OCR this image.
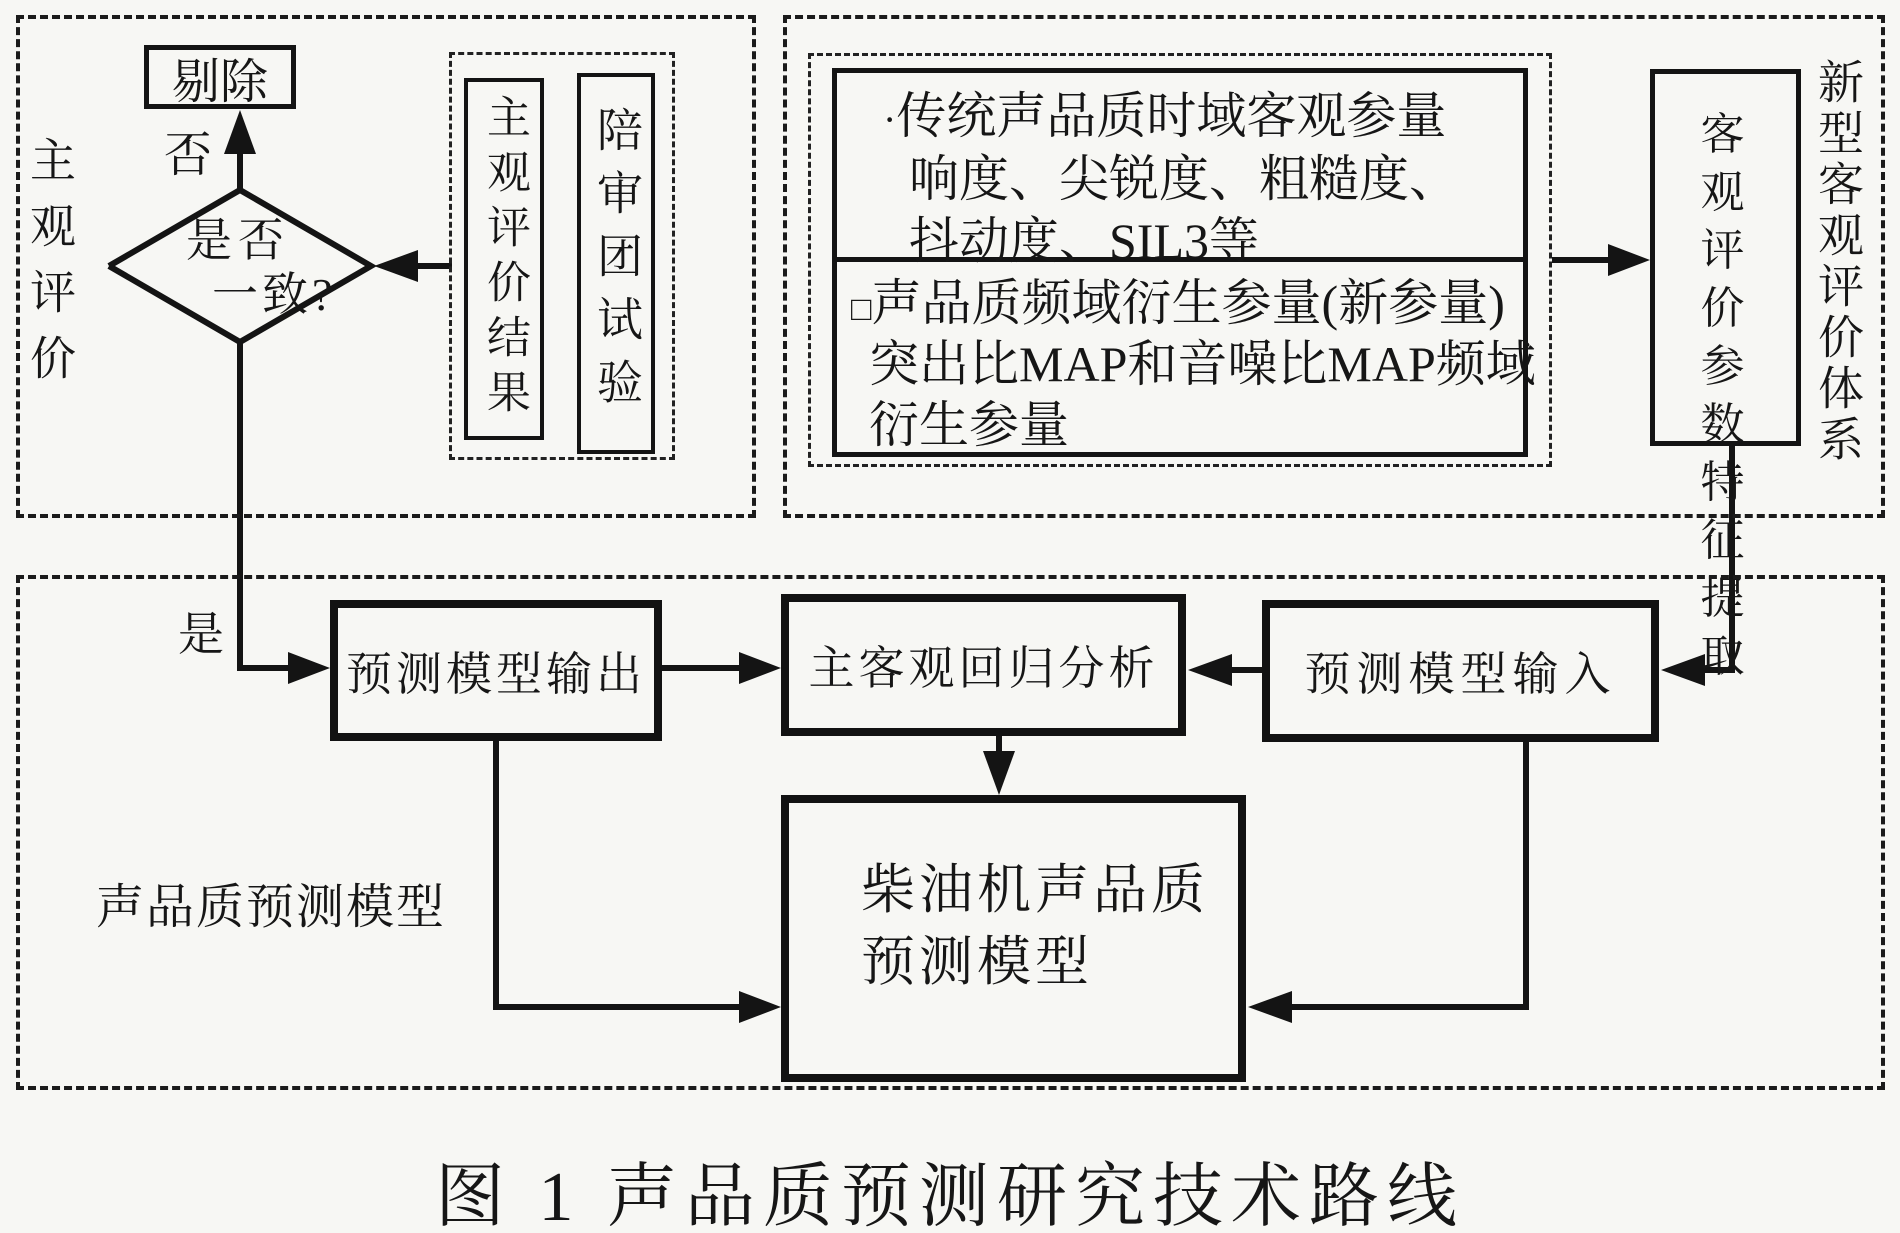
主观评价
剔除
否
是否
一致?	主观评价结果 陪审团试验	新型客观评价体系
·传统声品质时域客观参量
响度、尖锐度、粗糙度、
抖动度、SIL3等
□声品质频域衍生参量(新参量)
突出比MAP和音噪比MAP频域
衍生参量
客观评价参数特征提取
声品质预测模型
是
预测模型输出	主客观回归分析	预测模型输入
柴油机声品质
预测模型
图 1 声品质预测研究技术路线
